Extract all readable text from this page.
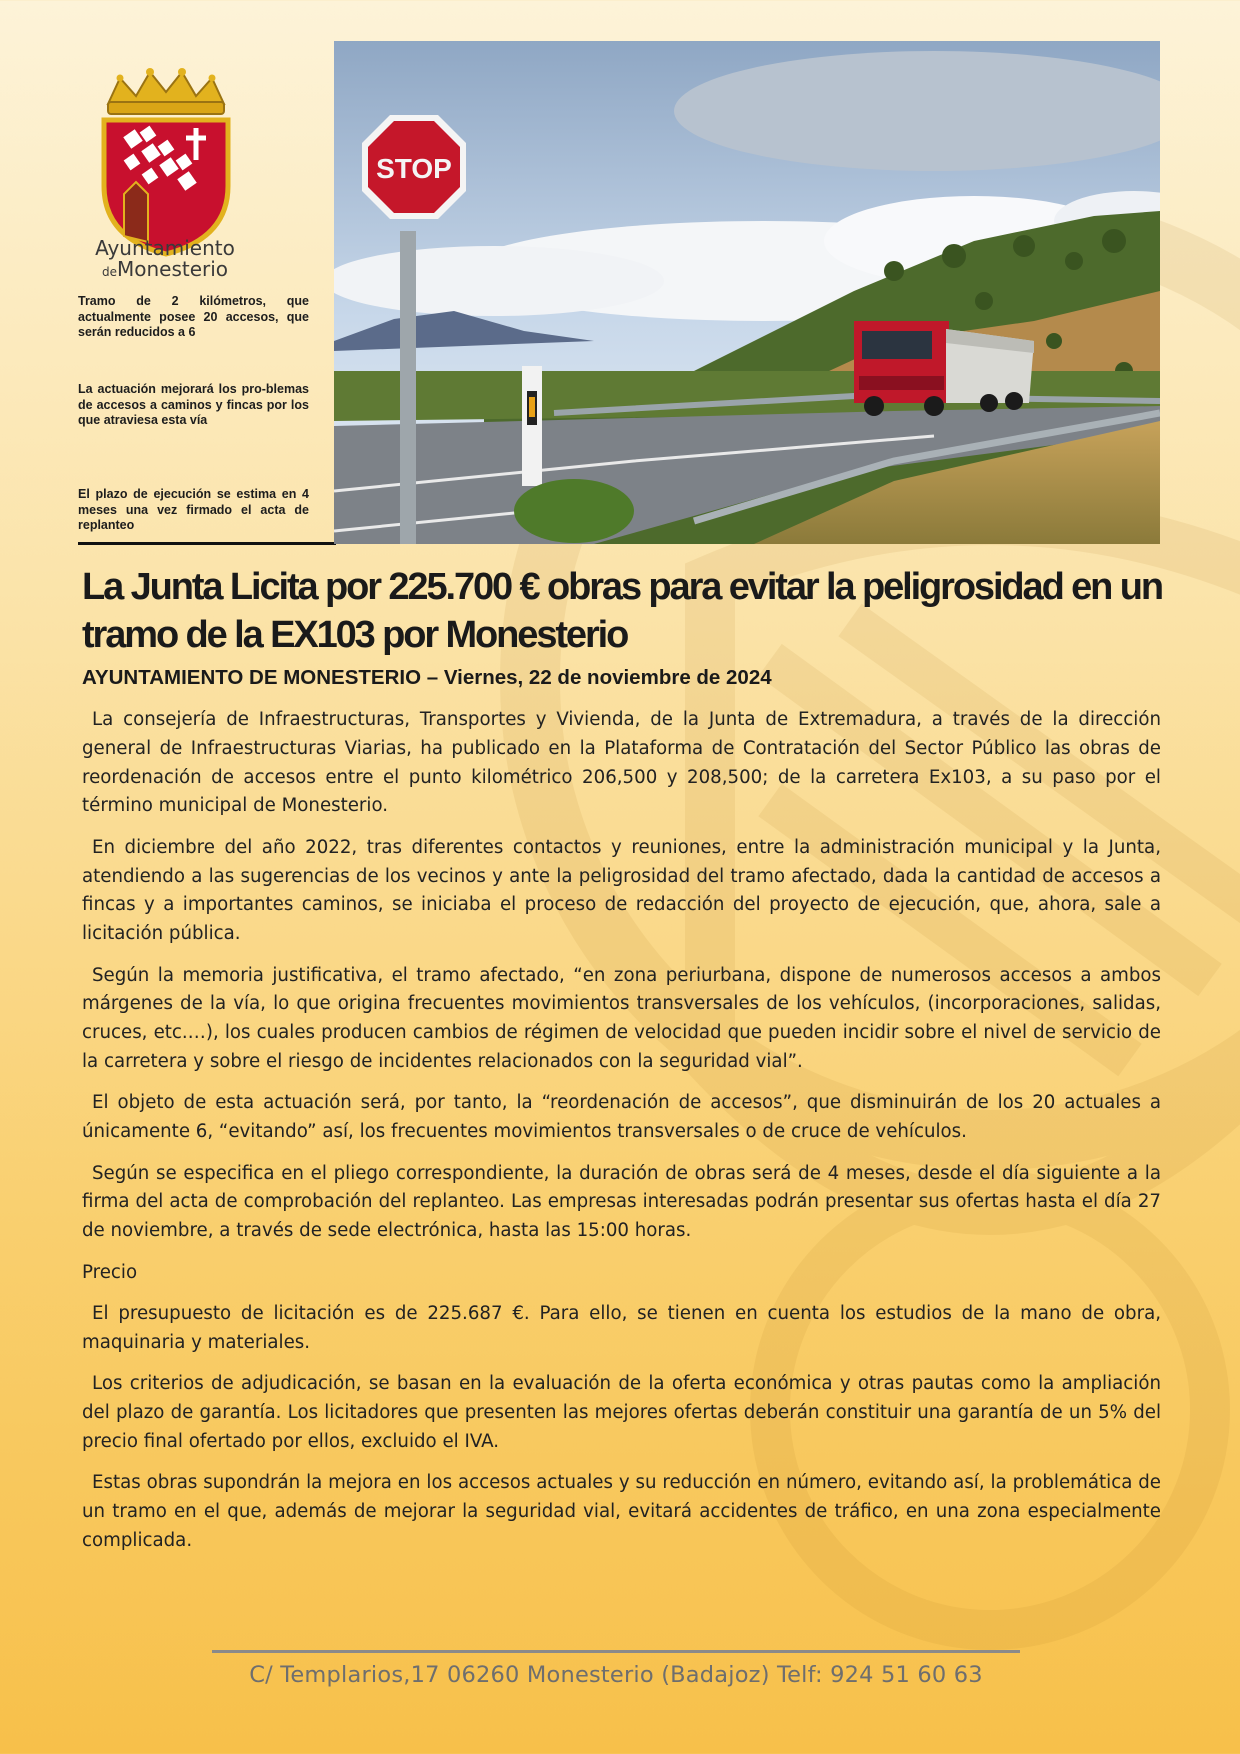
Ayuntamiento
deMonesterio

Tramo de 2 kilómetros, que actualmente posee 20 accesos, que serán reducidos a 6

La actuación mejorará los pro-blemas de accesos a caminos y fincas por los que atraviesa esta vía

El plazo de ejecución se estima en 4 meses una vez firmado el acta de replanteo

STOP
La Junta Licita por 225.700 € obras para evitar la peligrosidad en un tramo de la EX103 por Monesterio

AYUNTAMIENTO DE MONESTERIO – Viernes, 22 de noviembre de 2024

La consejería de Infraestructuras, Transportes y Vivienda, de la Junta de Extremadura, a través de la dirección general de Infraestructuras Viarias, ha publicado en la Plataforma de Contratación del Sector Público las obras de reordenación de accesos entre el punto kilométrico 206,500 y 208,500; de la carretera Ex103, a su paso por el término municipal de Monesterio.

En diciembre del año 2022, tras diferentes contactos y reuniones, entre la administración municipal y la Junta, atendiendo a las sugerencias de los vecinos y ante la peligrosidad del tramo afectado, dada la cantidad de accesos a fincas y a importantes caminos, se iniciaba el proceso de redacción del proyecto de ejecución, que, ahora, sale a licitación pública.

Según la memoria justificativa, el tramo afectado, “en zona periurbana, dispone de numerosos accesos a ambos márgenes de la vía, lo que origina frecuentes movimientos transversales de los vehículos, (incorporaciones, salidas, cruces, etc.…), los cuales producen cambios de régimen de velocidad que pueden incidir sobre el nivel de servicio de la carretera y sobre el riesgo de incidentes relacionados con la seguridad vial”.

El objeto de esta actuación será, por tanto, la “reordenación de accesos”, que disminuirán de los 20 actuales a únicamente 6, “evitando” así, los frecuentes movimientos transversales o de cruce de vehículos.

Según se especifica en el pliego correspondiente, la duración de obras será de 4 meses, desde el día siguiente a la firma del acta de comprobación del replanteo. Las empresas interesadas podrán presentar sus ofertas hasta el día 27 de noviembre, a través de sede electrónica, hasta las 15:00 horas.

Precio

El presupuesto de licitación es de 225.687 €. Para ello, se tienen en cuenta los estudios de la mano de obra, maquinaria y materiales.

Los criterios de adjudicación, se basan en la evaluación de la oferta económica y otras pautas como la ampliación del plazo de garantía. Los licitadores que presenten las mejores ofertas deberán constituir una garantía de un 5% del precio final ofertado por ellos, excluido el IVA.

Estas obras supondrán la mejora en los accesos actuales y su reducción en número, evitando así, la problemática de un tramo en el que, además de mejorar la seguridad vial, evitará accidentes de tráfico, en una zona especialmente complicada.

C/ Templarios,17 06260 Monesterio (Badajoz) Telf: 924 51 60 63
